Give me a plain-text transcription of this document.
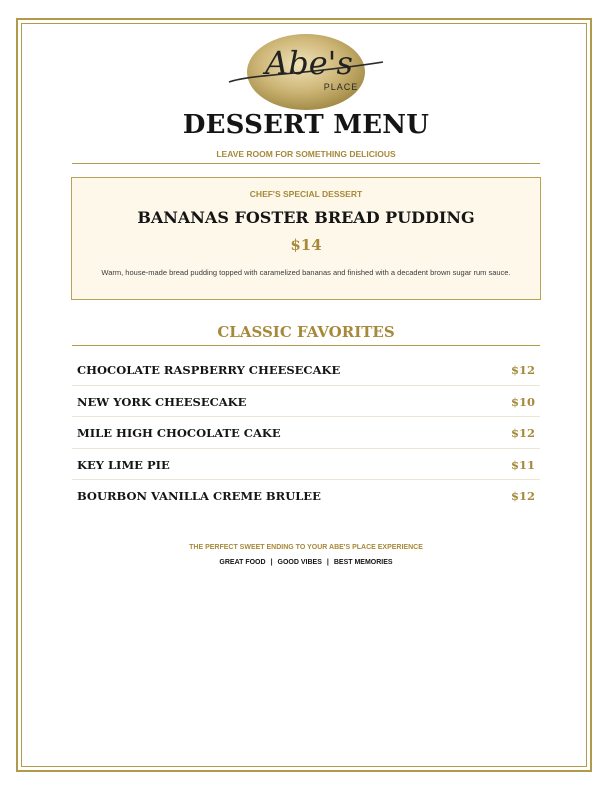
Abe's
PLACE
DESSERT MENU
LEAVE ROOM FOR SOMETHING DELICIOUS
CHEF'S SPECIAL DESSERT
BANANAS FOSTER BREAD PUDDING
$14
Warm, house-made bread pudding topped with caramelized bananas and finished with a decadent brown sugar rum sauce.
CLASSIC FAVORITES
CHOCOLATE RASPBERRY CHEESECAKE	$12
NEW YORK CHEESECAKE	$10
MILE HIGH CHOCOLATE CAKE	$12
KEY LIME PIE	$11
BOURBON VANILLA CREME BRULEE	$12
THE PERFECT SWEET ENDING TO YOUR ABE'S PLACE EXPERIENCE
GREAT FOOD | GOOD VIBES | BEST MEMORIES
